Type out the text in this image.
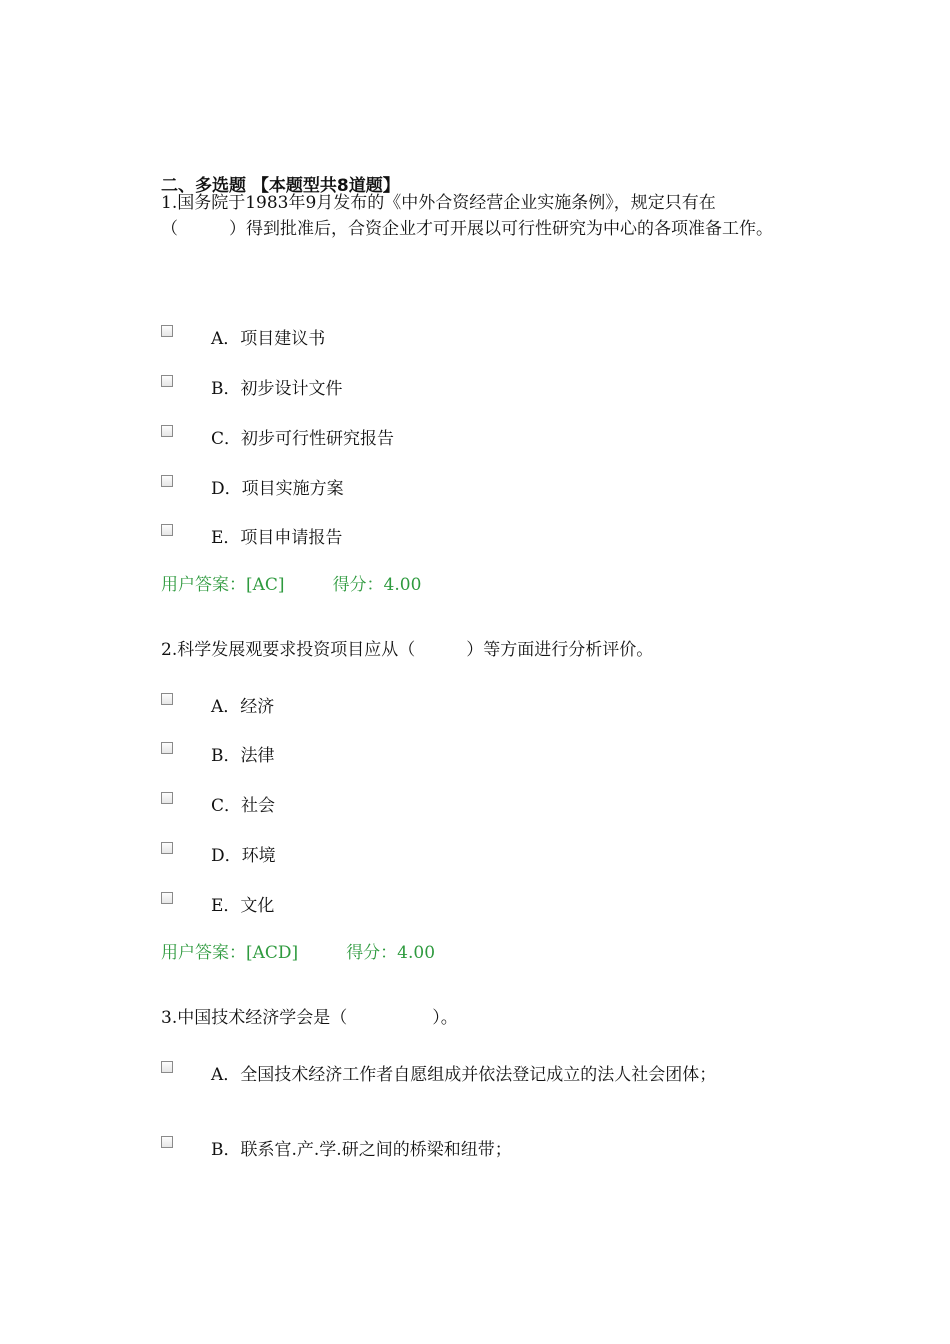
二、多选题 【本题型共8道题】
1.国务院于1983年9月发布的《中外合资经营企业实施条例》，规定只有在（　　　）得到批准后，合资企业才可开展以可行性研究为中心的各项准备工作。
A．项目建议书
B．初步设计文件
C．初步可行性研究报告
D．项目实施方案
E．项目申请报告
用户答案：[AC]	得分：4.00
2.科学发展观要求投资项目应从（　　　）等方面进行分析评价。
A．经济
B．法律
C．社会
D．环境
E．文化
用户答案：[ACD]	得分：4.00
3.中国技术经济学会是（　　　　　）。
A．全国技术经济工作者自愿组成并依法登记成立的法人社会团体；
B．联系官.产.学.研之间的桥梁和纽带；
